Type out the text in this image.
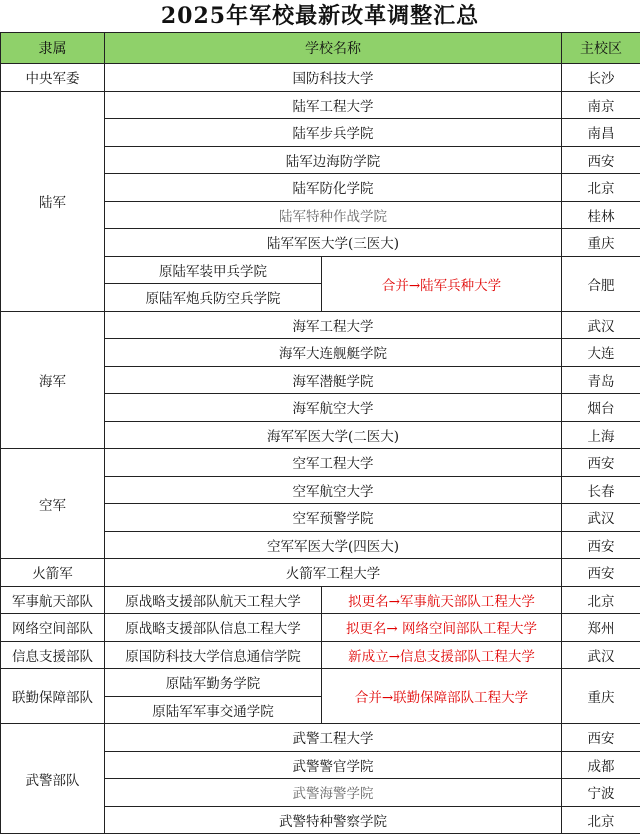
2025年军校最新改革调整汇总
隶属	学校名称		主校区
中央军委	国防科技大学		长沙
陆军	陆军工程大学		南京
	陆军步兵学院		南昌
	陆军边海防学院		西安
	陆军防化学院		北京
	陆军特种作战学院		桂林
	陆军军医大学(三医大)		重庆
	原陆军装甲兵学院	合并→陆军兵种大学	合肥
	原陆军炮兵防空兵学院		
海军	海军工程大学		武汉
	海军大连舰艇学院		大连
	海军潜艇学院		青岛
	海军航空大学		烟台
	海军军医大学(二医大)		上海
空军	空军工程大学		西安
	空军航空大学		长春
	空军预警学院		武汉
	空军军医大学(四医大)		西安
火箭军	火箭军工程大学		西安
军事航天部队	原战略支援部队航天工程大学	拟更名→军事航天部队工程大学	北京
网络空间部队	原战略支援部队信息工程大学	拟更名→ 网络空间部队工程大学	郑州
信息支援部队	原国防科技大学信息通信学院	新成立→信息支援部队工程大学	武汉
联勤保障部队	原陆军勤务学院	合并→联勤保障部队工程大学	重庆
	原陆军军事交通学院		
武警部队	武警工程大学		西安
	武警警官学院		成都
	武警海警学院		宁波
	武警特种警察学院		北京
